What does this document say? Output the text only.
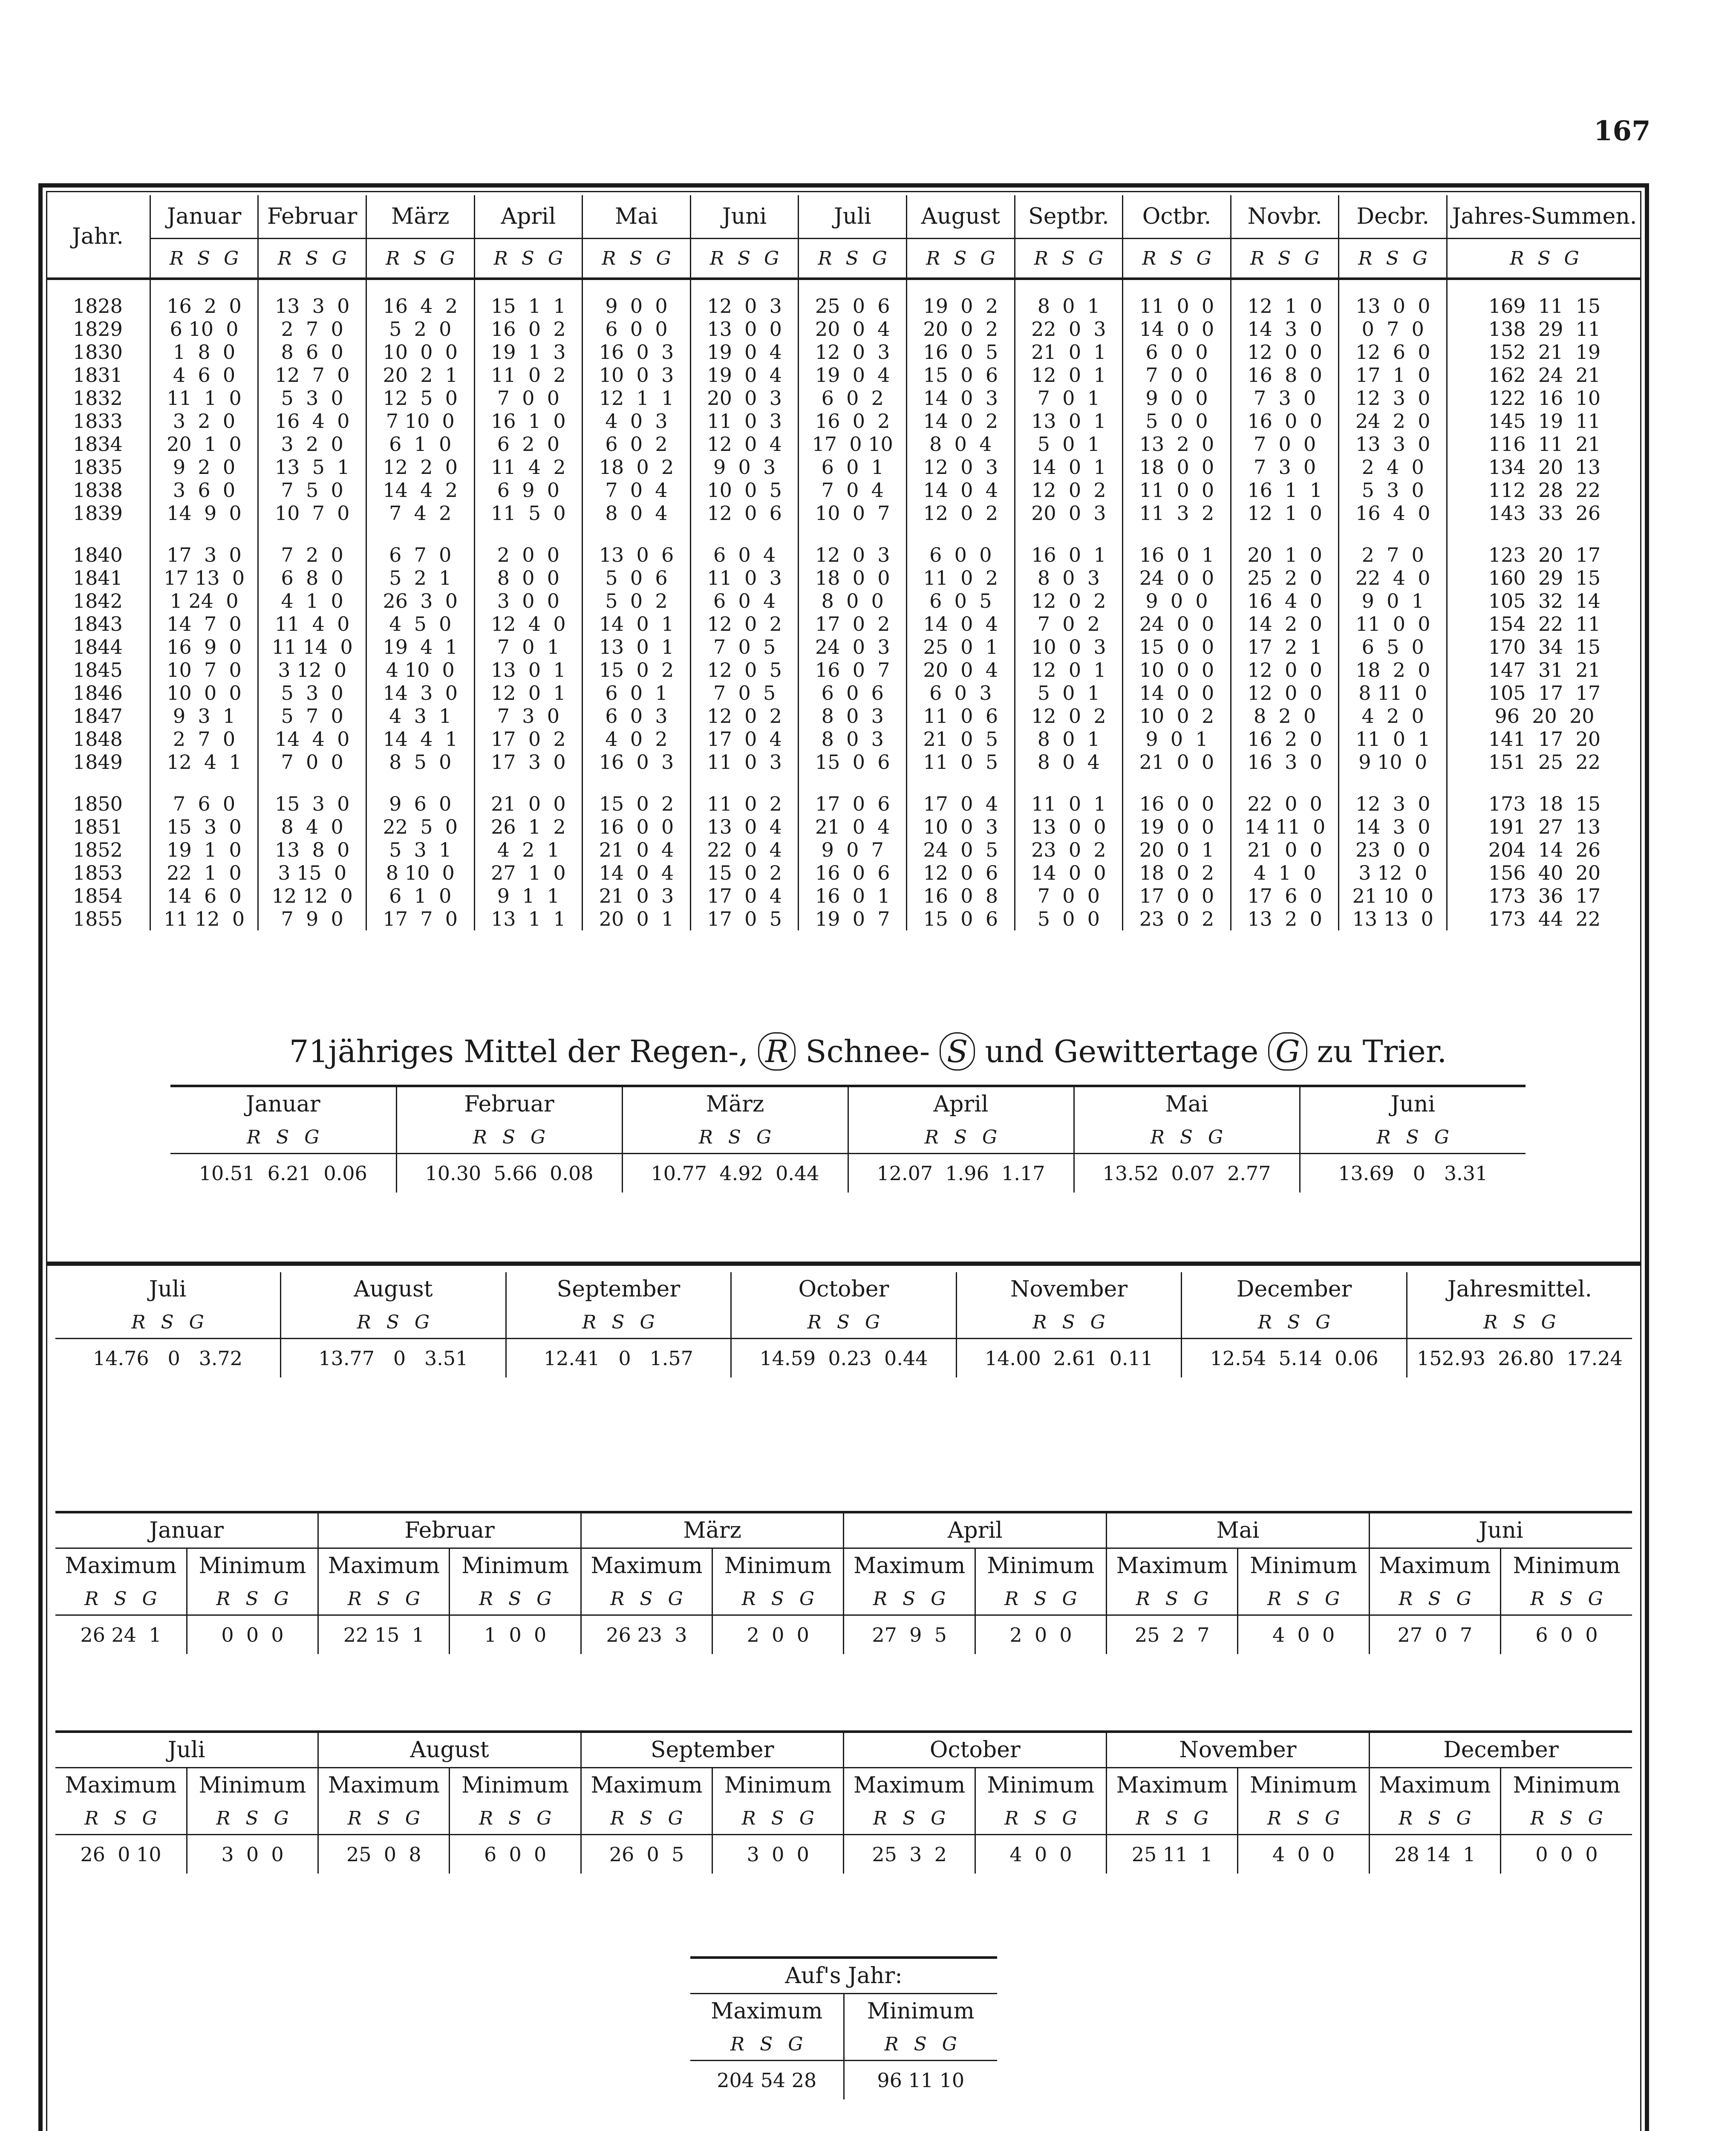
167
Jahr.	Januar	Februar	März	April	Mai	Juni	Juli	August	Septbr.	Octbr.	Novbr.	Decbr.	Jahres-Summen.
	R S G	R S G	R S G	R S G	R S G	R S G	R S G	R S G	R S G	R S G	R S G	R S G	R S G
1828	16  2  0	13  3  0	16  4  2	15  1  1	9  0  0	12  0  3	25  0  6	19  0  2	8  0  1	11  0  0	12  1  0	13  0  0	169  11  15
1829	6 10  0	2  7  0	5  2  0	16  0  2	6  0  0	13  0  0	20  0  4	20  0  2	22  0  3	14  0  0	14  3  0	0  7  0	138  29  11
1830	1  8  0	8  6  0	10  0  0	19  1  3	16  0  3	19  0  4	12  0  3	16  0  5	21  0  1	6  0  0	12  0  0	12  6  0	152  21  19
1831	4  6  0	12  7  0	20  2  1	11  0  2	10  0  3	19  0  4	19  0  4	15  0  6	12  0  1	7  0  0	16  8  0	17  1  0	162  24  21
1832	11  1  0	5  3  0	12  5  0	7  0  0	12  1  1	20  0  3	6  0  2	14  0  3	7  0  1	9  0  0	7  3  0	12  3  0	122  16  10
1833	3  2  0	16  4  0	7 10  0	16  1  0	4  0  3	11  0  3	16  0  2	14  0  2	13  0  1	5  0  0	16  0  0	24  2  0	145  19  11
1834	20  1  0	3  2  0	6  1  0	6  2  0	6  0  2	12  0  4	17  0 10	8  0  4	5  0  1	13  2  0	7  0  0	13  3  0	116  11  21
1835	9  2  0	13  5  1	12  2  0	11  4  2	18  0  2	9  0  3	6  0  1	12  0  3	14  0  1	18  0  0	7  3  0	2  4  0	134  20  13
1838	3  6  0	7  5  0	14  4  2	6  9  0	7  0  4	10  0  5	7  0  4	14  0  4	12  0  2	11  0  0	16  1  1	5  3  0	112  28  22
1839	14  9  0	10  7  0	7  4  2	11  5  0	8  0  4	12  0  6	10  0  7	12  0  2	20  0  3	11  3  2	12  1  0	16  4  0	143  33  26
1840	17  3  0	7  2  0	6  7  0	2  0  0	13  0  6	6  0  4	12  0  3	6  0  0	16  0  1	16  0  1	20  1  0	2  7  0	123  20  17
1841	17 13  0	6  8  0	5  2  1	8  0  0	5  0  6	11  0  3	18  0  0	11  0  2	8  0  3	24  0  0	25  2  0	22  4  0	160  29  15
1842	1 24  0	4  1  0	26  3  0	3  0  0	5  0  2	6  0  4	8  0  0	6  0  5	12  0  2	9  0  0	16  4  0	9  0  1	105  32  14
1843	14  7  0	11  4  0	4  5  0	12  4  0	14  0  1	12  0  2	17  0  2	14  0  4	7  0  2	24  0  0	14  2  0	11  0  0	154  22  11
1844	16  9  0	11 14  0	19  4  1	7  0  1	13  0  1	7  0  5	24  0  3	25  0  1	10  0  3	15  0  0	17  2  1	6  5  0	170  34  15
1845	10  7  0	3 12  0	4 10  0	13  0  1	15  0  2	12  0  5	16  0  7	20  0  4	12  0  1	10  0  0	12  0  0	18  2  0	147  31  21
1846	10  0  0	5  3  0	14  3  0	12  0  1	6  0  1	7  0  5	6  0  6	6  0  3	5  0  1	14  0  0	12  0  0	8 11  0	105  17  17
1847	9  3  1	5  7  0	4  3  1	7  3  0	6  0  3	12  0  2	8  0  3	11  0  6	12  0  2	10  0  2	8  2  0	4  2  0	96  20  20
1848	2  7  0	14  4  0	14  4  1	17  0  2	4  0  2	17  0  4	8  0  3	21  0  5	8  0  1	9  0  1	16  2  0	11  0  1	141  17  20
1849	12  4  1	7  0  0	8  5  0	17  3  0	16  0  3	11  0  3	15  0  6	11  0  5	8  0  4	21  0  0	16  3  0	9 10  0	151  25  22
1850	7  6  0	15  3  0	9  6  0	21  0  0	15  0  2	11  0  2	17  0  6	17  0  4	11  0  1	16  0  0	22  0  0	12  3  0	173  18  15
1851	15  3  0	8  4  0	22  5  0	26  1  2	16  0  0	13  0  4	21  0  4	10  0  3	13  0  0	19  0  0	14 11  0	14  3  0	191  27  13
1852	19  1  0	13  8  0	5  3  1	4  2  1	21  0  4	22  0  4	9  0  7	24  0  5	23  0  2	20  0  1	21  0  0	23  0  0	204  14  26
1853	22  1  0	3 15  0	8 10  0	27  1  0	14  0  4	15  0  2	16  0  6	12  0  6	14  0  0	18  0  2	4  1  0	3 12  0	156  40  20
1854	14  6  0	12 12  0	6  1  0	9  1  1	21  0  3	17  0  4	16  0  1	16  0  8	7  0  0	17  0  0	17  6  0	21 10  0	173  36  17
1855	11 12  0	7  9  0	17  7  0	13  1  1	20  0  1	17  0  5	19  0  7	15  0  6	5  0  0	23  0  2	13  2  0	13 13  0	173  44  22
71jähriges Mittel der Regen-, R Schnee- S und Gewittertage G zu Trier.
Januar	Februar	März	April	Mai	Juni
R S G	R S G	R S G	R S G	R S G	R S G
10.51  6.21  0.06	10.30  5.66  0.08	10.77  4.92  0.44	12.07  1.96  1.17	13.52  0.07  2.77	13.69   0   3.31
Juli	August	September	October	November	December	Jahresmittel.
R S G	R S G	R S G	R S G	R S G	R S G	R S G
14.76   0   3.72	13.77   0   3.51	12.41   0   1.57	14.59  0.23  0.44	14.00  2.61  0.11	12.54  5.14  0.06	152.93  26.80  17.24
Januar		Februar		März		April		Mai		Juni	
Maximum	Minimum	Maximum	Minimum	Maximum	Minimum	Maximum	Minimum	Maximum	Minimum	Maximum	Minimum
R S G	R S G	R S G	R S G	R S G	R S G	R S G	R S G	R S G	R S G	R S G	R S G
26 24  1	0  0  0	22 15  1	1  0  0	26 23  3	2  0  0	27  9  5	2  0  0	25  2  7	4  0  0	27  0  7	6  0  0
Juli		August		September		October		November		December	
Maximum	Minimum	Maximum	Minimum	Maximum	Minimum	Maximum	Minimum	Maximum	Minimum	Maximum	Minimum
R S G	R S G	R S G	R S G	R S G	R S G	R S G	R S G	R S G	R S G	R S G	R S G
26  0 10	3  0  0	25  0  8	6  0  0	26  0  5	3  0  0	25  3  2	4  0  0	25 11  1	4  0  0	28 14  1	0  0  0
Auf's Jahr:	
Maximum	Minimum
R S G	R S G
204 54 28	96 11 10
